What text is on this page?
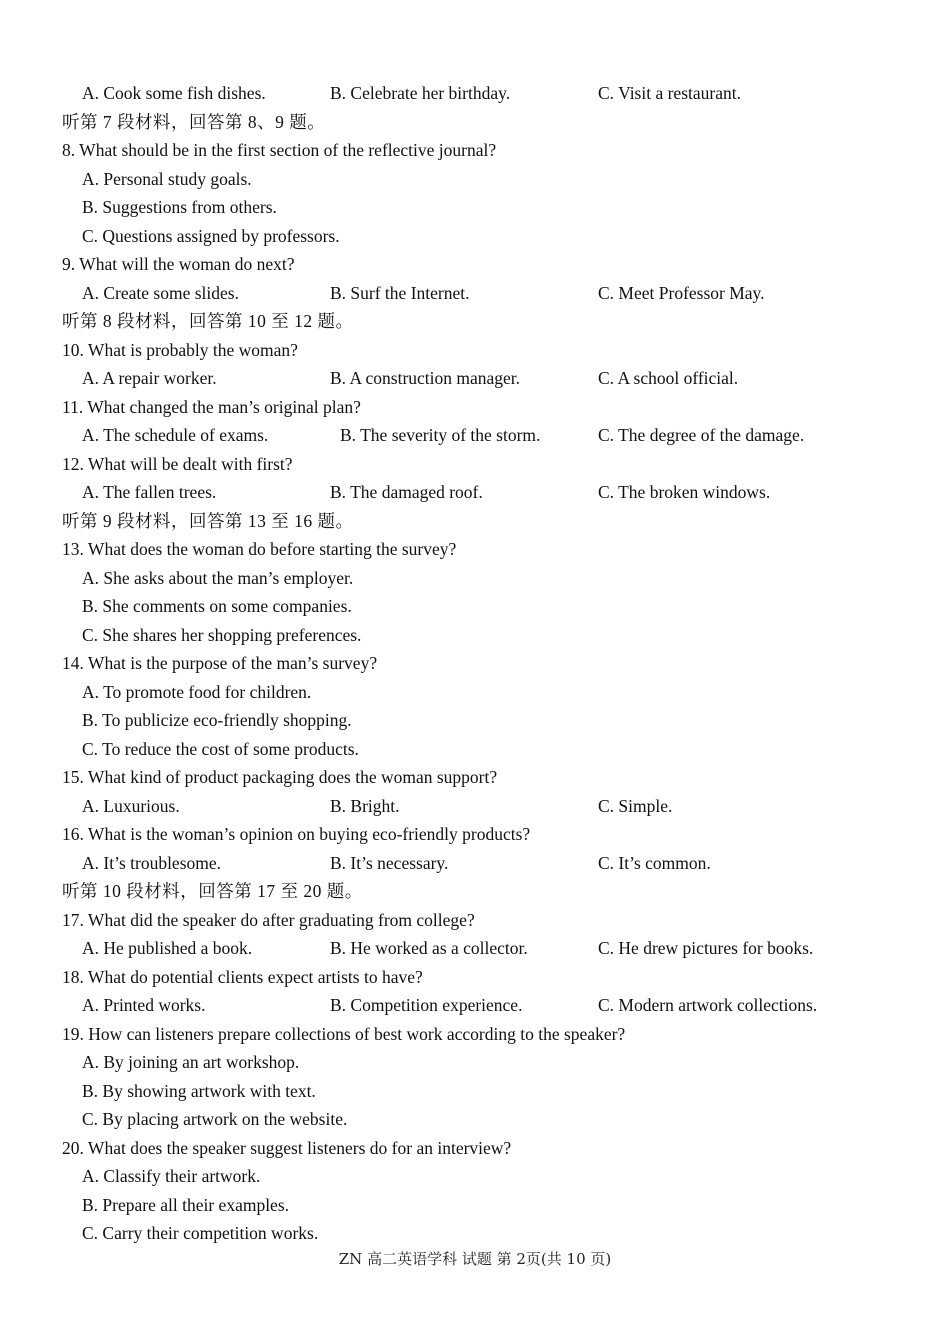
A. Cook some fish dishes.	B. Celebrate her birthday.	C. Visit a restaurant.
听第 7 段材料，回答第 8、9 题。
8. What should be in the first section of the reflective journal?
A. Personal study goals.
B. Suggestions from others.
C. Questions assigned by professors.
9. What will the woman do next?
A. Create some slides.	B. Surf the Internet.	C. Meet Professor May.
听第 8 段材料，回答第 10 至 12 题。
10. What is probably the woman?
A. A repair worker.	B. A construction manager.	C. A school official.
11. What changed the man’s original plan?
A. The schedule of exams.	B. The severity of the storm.	C. The degree of the damage.
12. What will be dealt with first?
A. The fallen trees.	B. The damaged roof.	C. The broken windows.
听第 9 段材料，回答第 13 至 16 题。
13. What does the woman do before starting the survey?
A. She asks about the man’s employer.
B. She comments on some companies.
C. She shares her shopping preferences.
14. What is the purpose of the man’s survey?
A. To promote food for children.
B. To publicize eco-friendly shopping.
C. To reduce the cost of some products.
15. What kind of product packaging does the woman support?
A. Luxurious.	B. Bright.	C. Simple.
16. What is the woman’s opinion on buying eco-friendly products?
A. It’s troublesome.	B. It’s necessary.	C. It’s common.
听第 10 段材料，回答第 17 至 20 题。
17. What did the speaker do after graduating from college?
A. He published a book.	B. He worked as a collector.	C. He drew pictures for books.
18. What do potential clients expect artists to have?
A. Printed works.	B. Competition experience.	C. Modern artwork collections.
19. How can listeners prepare collections of best work according to the speaker?
A. By joining an art workshop.
B. By showing artwork with text.
C. By placing artwork on the website.
20. What does the speaker suggest listeners do for an interview?
A. Classify their artwork.
B. Prepare all their examples.
C. Carry their competition works.
ZN 高二英语学科 试题 第 2页(共 10 页)
